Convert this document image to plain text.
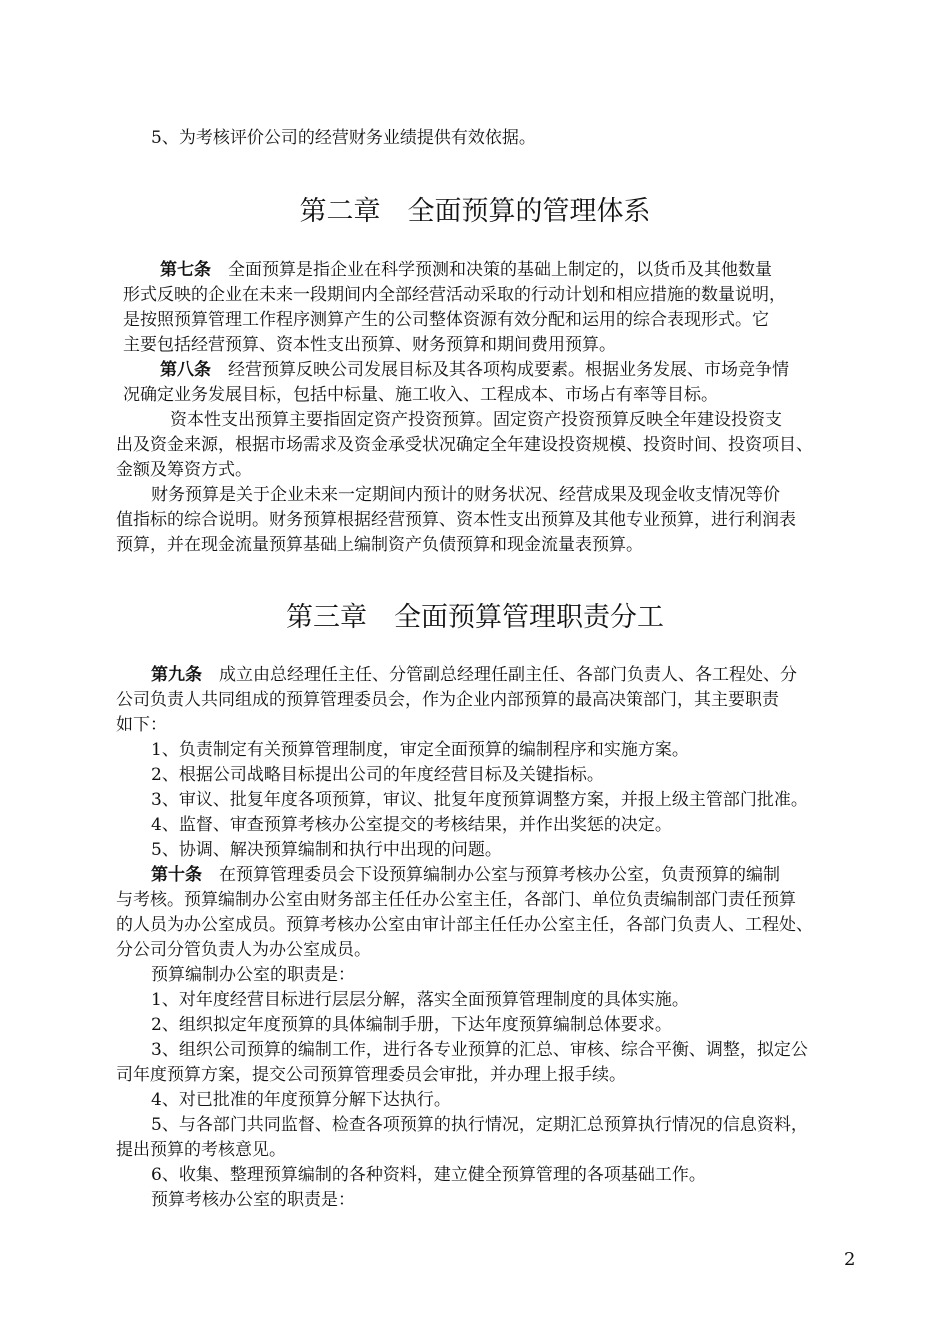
5、为考核评价公司的经营财务业绩提供有效依据。
第二章　全面预算的管理体系
第七条　全面预算是指企业在科学预测和决策的基础上制定的，以货币及其他数量
形式反映的企业在未来一段期间内全部经营活动采取的行动计划和相应措施的数量说明，
是按照预算管理工作程序测算产生的公司整体资源有效分配和运用的综合表现形式。它
主要包括经营预算、资本性支出预算、财务预算和期间费用预算。
第八条　经营预算反映公司发展目标及其各项构成要素。根据业务发展、市场竞争情
况确定业务发展目标，包括中标量、施工收入、工程成本、市场占有率等目标。
资本性支出预算主要指固定资产投资预算。固定资产投资预算反映全年建设投资支
出及资金来源，根据市场需求及资金承受状况确定全年建设投资规模、投资时间、投资项目、
金额及筹资方式。
财务预算是关于企业未来一定期间内预计的财务状况、经营成果及现金收支情况等价
值指标的综合说明。财务预算根据经营预算、资本性支出预算及其他专业预算，进行利润表
预算，并在现金流量预算基础上编制资产负债预算和现金流量表预算。
第三章　全面预算管理职责分工
第九条　成立由总经理任主任、分管副总经理任副主任、各部门负责人、各工程处、分
公司负责人共同组成的预算管理委员会，作为企业内部预算的最高决策部门，其主要职责
如下：
1、负责制定有关预算管理制度，审定全面预算的编制程序和实施方案。
2、根据公司战略目标提出公司的年度经营目标及关键指标。
3、审议、批复年度各项预算，审议、批复年度预算调整方案，并报上级主管部门批准。
4、监督、审查预算考核办公室提交的考核结果，并作出奖惩的决定。
5、协调、解决预算编制和执行中出现的问题。
第十条　在预算管理委员会下设预算编制办公室与预算考核办公室，负责预算的编制
与考核。预算编制办公室由财务部主任任办公室主任，各部门、单位负责编制部门责任预算
的人员为办公室成员。预算考核办公室由审计部主任任办公室主任，各部门负责人、工程处、
分公司分管负责人为办公室成员。
预算编制办公室的职责是：
1、对年度经营目标进行层层分解，落实全面预算管理制度的具体实施。
2、组织拟定年度预算的具体编制手册，下达年度预算编制总体要求。
3、组织公司预算的编制工作，进行各专业预算的汇总、审核、综合平衡、调整，拟定公
司年度预算方案，提交公司预算管理委员会审批，并办理上报手续。
4、对已批准的年度预算分解下达执行。
5、与各部门共同监督、检查各项预算的执行情况，定期汇总预算执行情况的信息资料，
提出预算的考核意见。
6、收集、整理预算编制的各种资料，建立健全预算管理的各项基础工作。
预算考核办公室的职责是：
2
